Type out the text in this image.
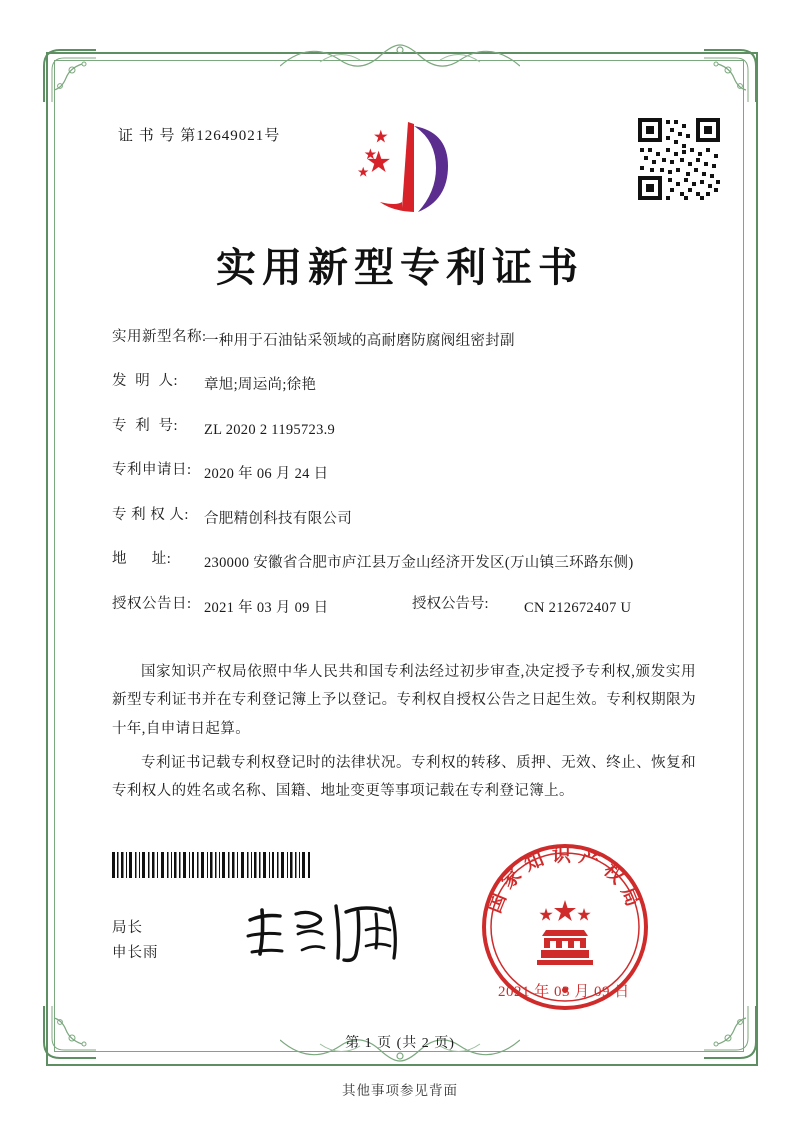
证 书 号 第12649021号
实用新型专利证书
实用新型名称:
一种用于石油钻采领域的高耐磨防腐阀组密封副
发  明  人:	章旭;周运尚;徐艳
专  利  号:	ZL 2020 2 1195723.9
专利申请日: 2020 年 06 月 24 日
专 利 权 人:	合肥精创科技有限公司
地      址:	230000 安徽省合肥市庐江县万金山经济开发区(万山镇三环路东侧)
授权公告日: 2021 年 03 月 09 日	授权公告号:	CN 212672407 U

国家知识产权局依照中华人民共和国专利法经过初步审查,决定授予专利权,颁发实用新型专利证书并在专利登记簿上予以登记。专利权自授权公告之日起生效。专利权期限为十年,自申请日起算。

专利证书记载专利权登记时的法律状况。专利权的转移、质押、无效、终止、恢复和专利权人的姓名或名称、国籍、地址变更等事项记载在专利登记簿上。

局长
申长雨
国家知识产权局
2021 年 03 月 09 日
第 1 页 (共 2 页)
其他事项参见背面
